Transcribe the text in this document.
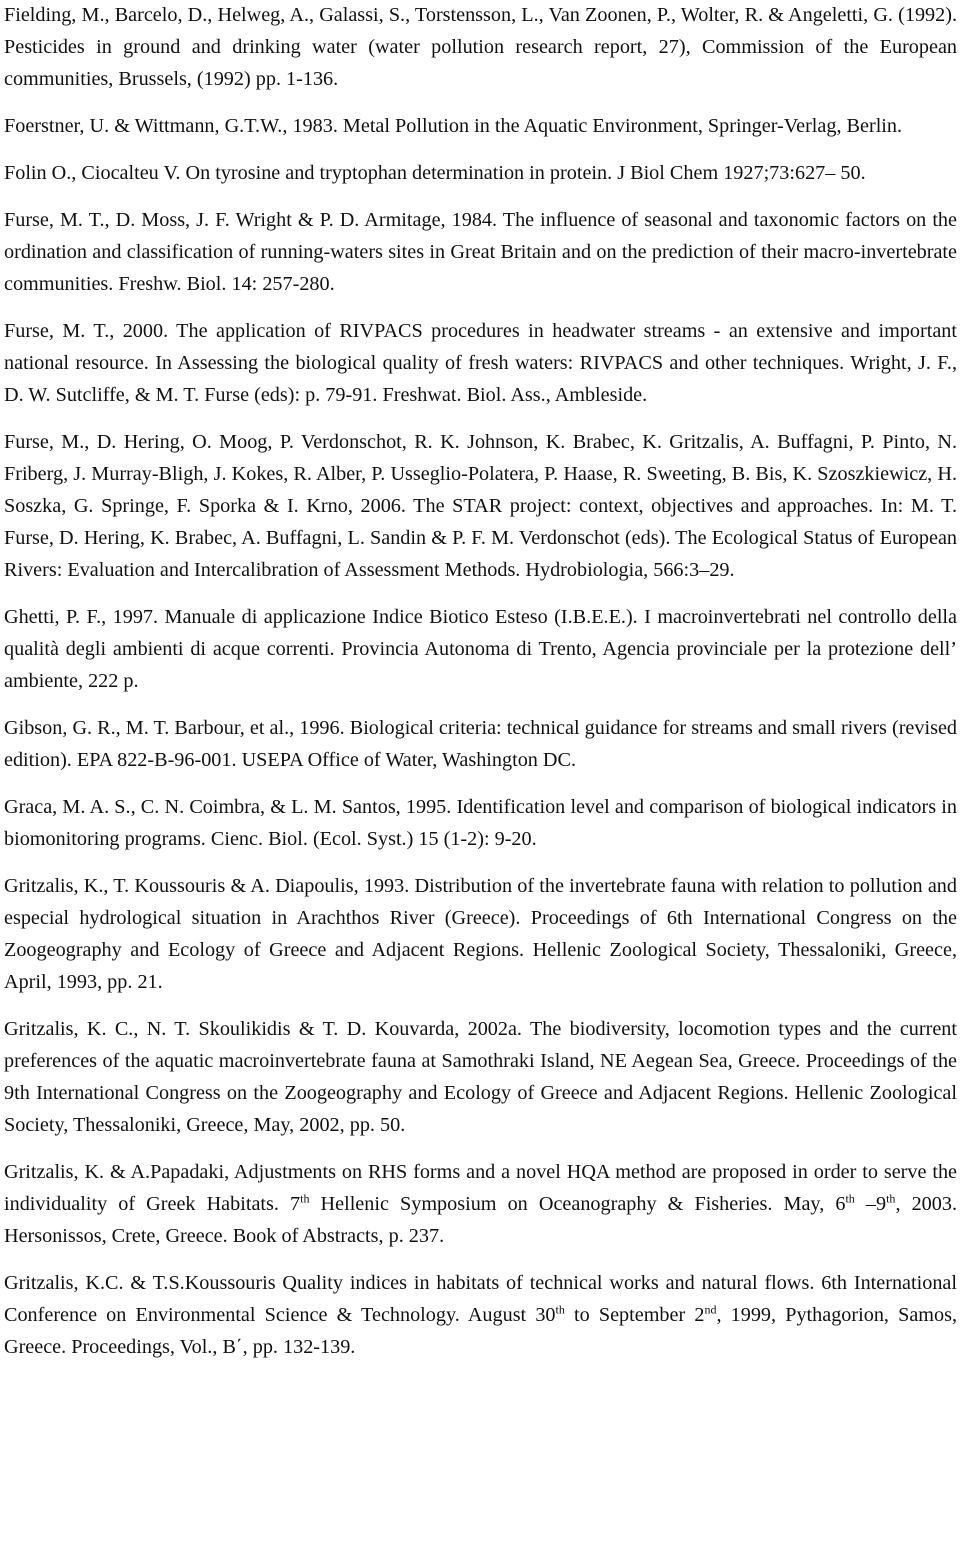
Fielding, M., Barcelo, D., Helweg, A., Galassi, S., Torstensson, L., Van Zoonen, P., Wolter, R. & Angeletti, G. (1992). Pesticides in ground and drinking water (water pollution research report, 27), Commission of the European communities, Brussels, (1992) pp. 1-136.

Foerstner, U. & Wittmann, G.T.W., 1983. Metal Pollution in the Aquatic Environment, Springer-Verlag, Berlin.

Folin O., Ciocalteu V. On tyrosine and tryptophan determination in protein. J Biol Chem 1927;73:627– 50.

Furse, M. T., D. Moss, J. F. Wright & P. D. Armitage, 1984. The influence of seasonal and taxonomic factors on the ordination and classification of running-waters sites in Great Britain and on the prediction of their macro-invertebrate communities. Freshw. Biol. 14: 257-280.

Furse, M. T., 2000. The application of RIVPACS procedures in headwater streams - an extensive and important national resource. In Assessing the biological quality of fresh waters: RIVPACS and other techniques. Wright, J. F., D. W. Sutcliffe, & M. T. Furse (eds): p. 79-91. Freshwat. Biol. Ass., Ambleside.

Furse, M., D. Hering, O. Moog, P. Verdonschot, R. K. Johnson, K. Brabec, K. Gritzalis, A. Buffagni, P. Pinto, N. Friberg, J. Murray-Bligh, J. Kokes, R. Alber, P. Usseglio-Polatera, P. Haase, R. Sweeting, B. Bis, K. Szoszkiewicz, H. Soszka, G. Springe, F. Sporka & I. Krno, 2006. The STAR project: context, objectives and approaches. In: M. T. Furse, D. Hering, K. Brabec, A. Buffagni, L. Sandin & P. F. M. Verdonschot (eds). The Ecological Status of European Rivers: Evaluation and Intercalibration of Assessment Methods. Hydrobiologia, 566:3–29.

Ghetti, P. F., 1997. Manuale di applicazione Indice Biotico Esteso (I.B.E.E.). I macroinvertebrati nel controllo della qualità degli ambienti di acque correnti. Provincia Autonoma di Trento, Agencia provinciale per la protezione dell’ ambiente, 222 p.

Gibson, G. R., M. T. Barbour, et al., 1996. Biological criteria: technical guidance for streams and small rivers (revised edition). EPA 822-B-96-001. USEPA Office of Water, Washington DC.

Graca, M. A. S., C. N. Coimbra, & L. M. Santos, 1995. Identification level and comparison of biological indicators in biomonitoring programs. Cienc. Biol. (Ecol. Syst.) 15 (1-2): 9-20.

Gritzalis, K., T. Koussouris & A. Diapoulis, 1993. Distribution of the invertebrate fauna with relation to pollution and especial hydrological situation in Arachthos River (Greece). Proceedings of 6th International Congress on the Zoogeography and Ecology of Greece and Adjacent Regions. Hellenic Zoological Society, Thessaloniki, Greece, April, 1993, pp. 21.

Gritzalis, K. C., N. T. Skoulikidis & T. D. Kouvarda, 2002a. The biodiversity, locomotion types and the current preferences of the aquatic macroinvertebrate fauna at Samothraki Island, NE Aegean Sea, Greece. Proceedings of the 9th International Congress on the Zoogeography and Ecology of Greece and Adjacent Regions. Hellenic Zoological Society, Thessaloniki, Greece, May, 2002, pp. 50.

Gritzalis, K. & A.Papadaki, Adjustments on RHS forms and a novel HQA method are proposed in order to serve the individuality of Greek Habitats. 7th Hellenic Symposium on Oceanography & Fisheries. May, 6th –9th, 2003. Hersonissos, Crete, Greece. Book of Abstracts, p. 237.

Gritzalis, K.C. & T.S.Koussouris Quality indices in habitats of technical works and natural flows. 6th International Conference on Environmental Science & Technology. August 30th to September 2nd, 1999, Pythagorion, Samos, Greece. Proceedings, Vol., B΄, pp. 132-139.
